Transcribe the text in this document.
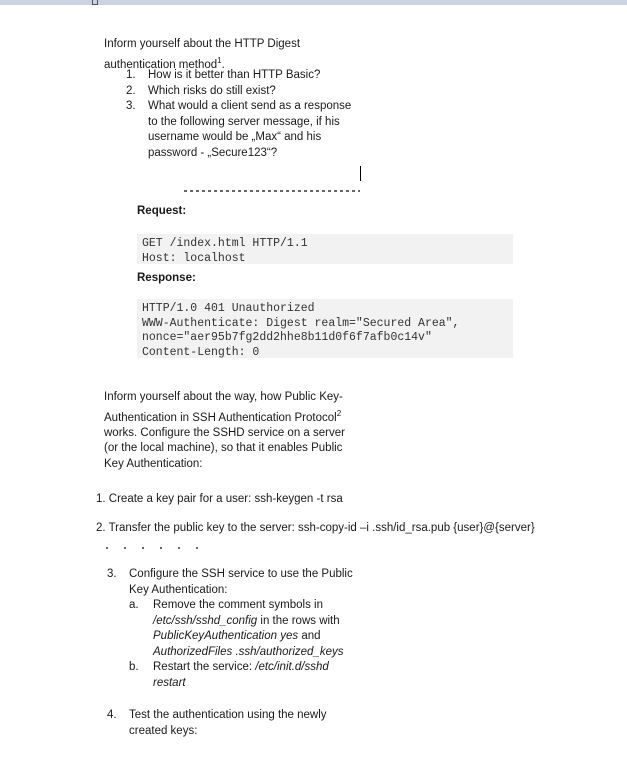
Inform yourself about the HTTP Digest authentication method$^1$.

1. How is it better than HTTP Basic?
2. Which risks do still exist?
3. What would a client send as a response to the following server message, if his username would be „Max“ and his password - „Secure123“?
Request:
GET /index.html HTTP/1.1
Host: localhost
Response:
HTTP/1.0 401 Unauthorized
WWW-Authenticate: Digest realm="Secured Area",
nonce="aer95b7fg2dd2hhe8b11d0f6f7afb0c14v"
Content-Length: 0

Inform yourself about the way, how Public Key-Authentication in SSH Authentication Protocol$^2$ works. Configure the SSHD service on a server (or the local machine), so that it enables Public Key Authentication:

1. Create a key pair for a user: ssh-keygen -t rsa
2. Transfer the public key to the server: ssh-copy-id –i .ssh/id_rsa.pub {user}@{server}
3. Configure the SSH service to use the Public Key Authentication:
a. Remove the comment symbols in /etc/ssh/sshd_config in the rows with PublicKeyAuthentication yes and AuthorizedFiles .ssh/authorized_keys
b. Restart the service: /etc/init.d/sshd restart
4. Test the authentication using the newly created keys:
